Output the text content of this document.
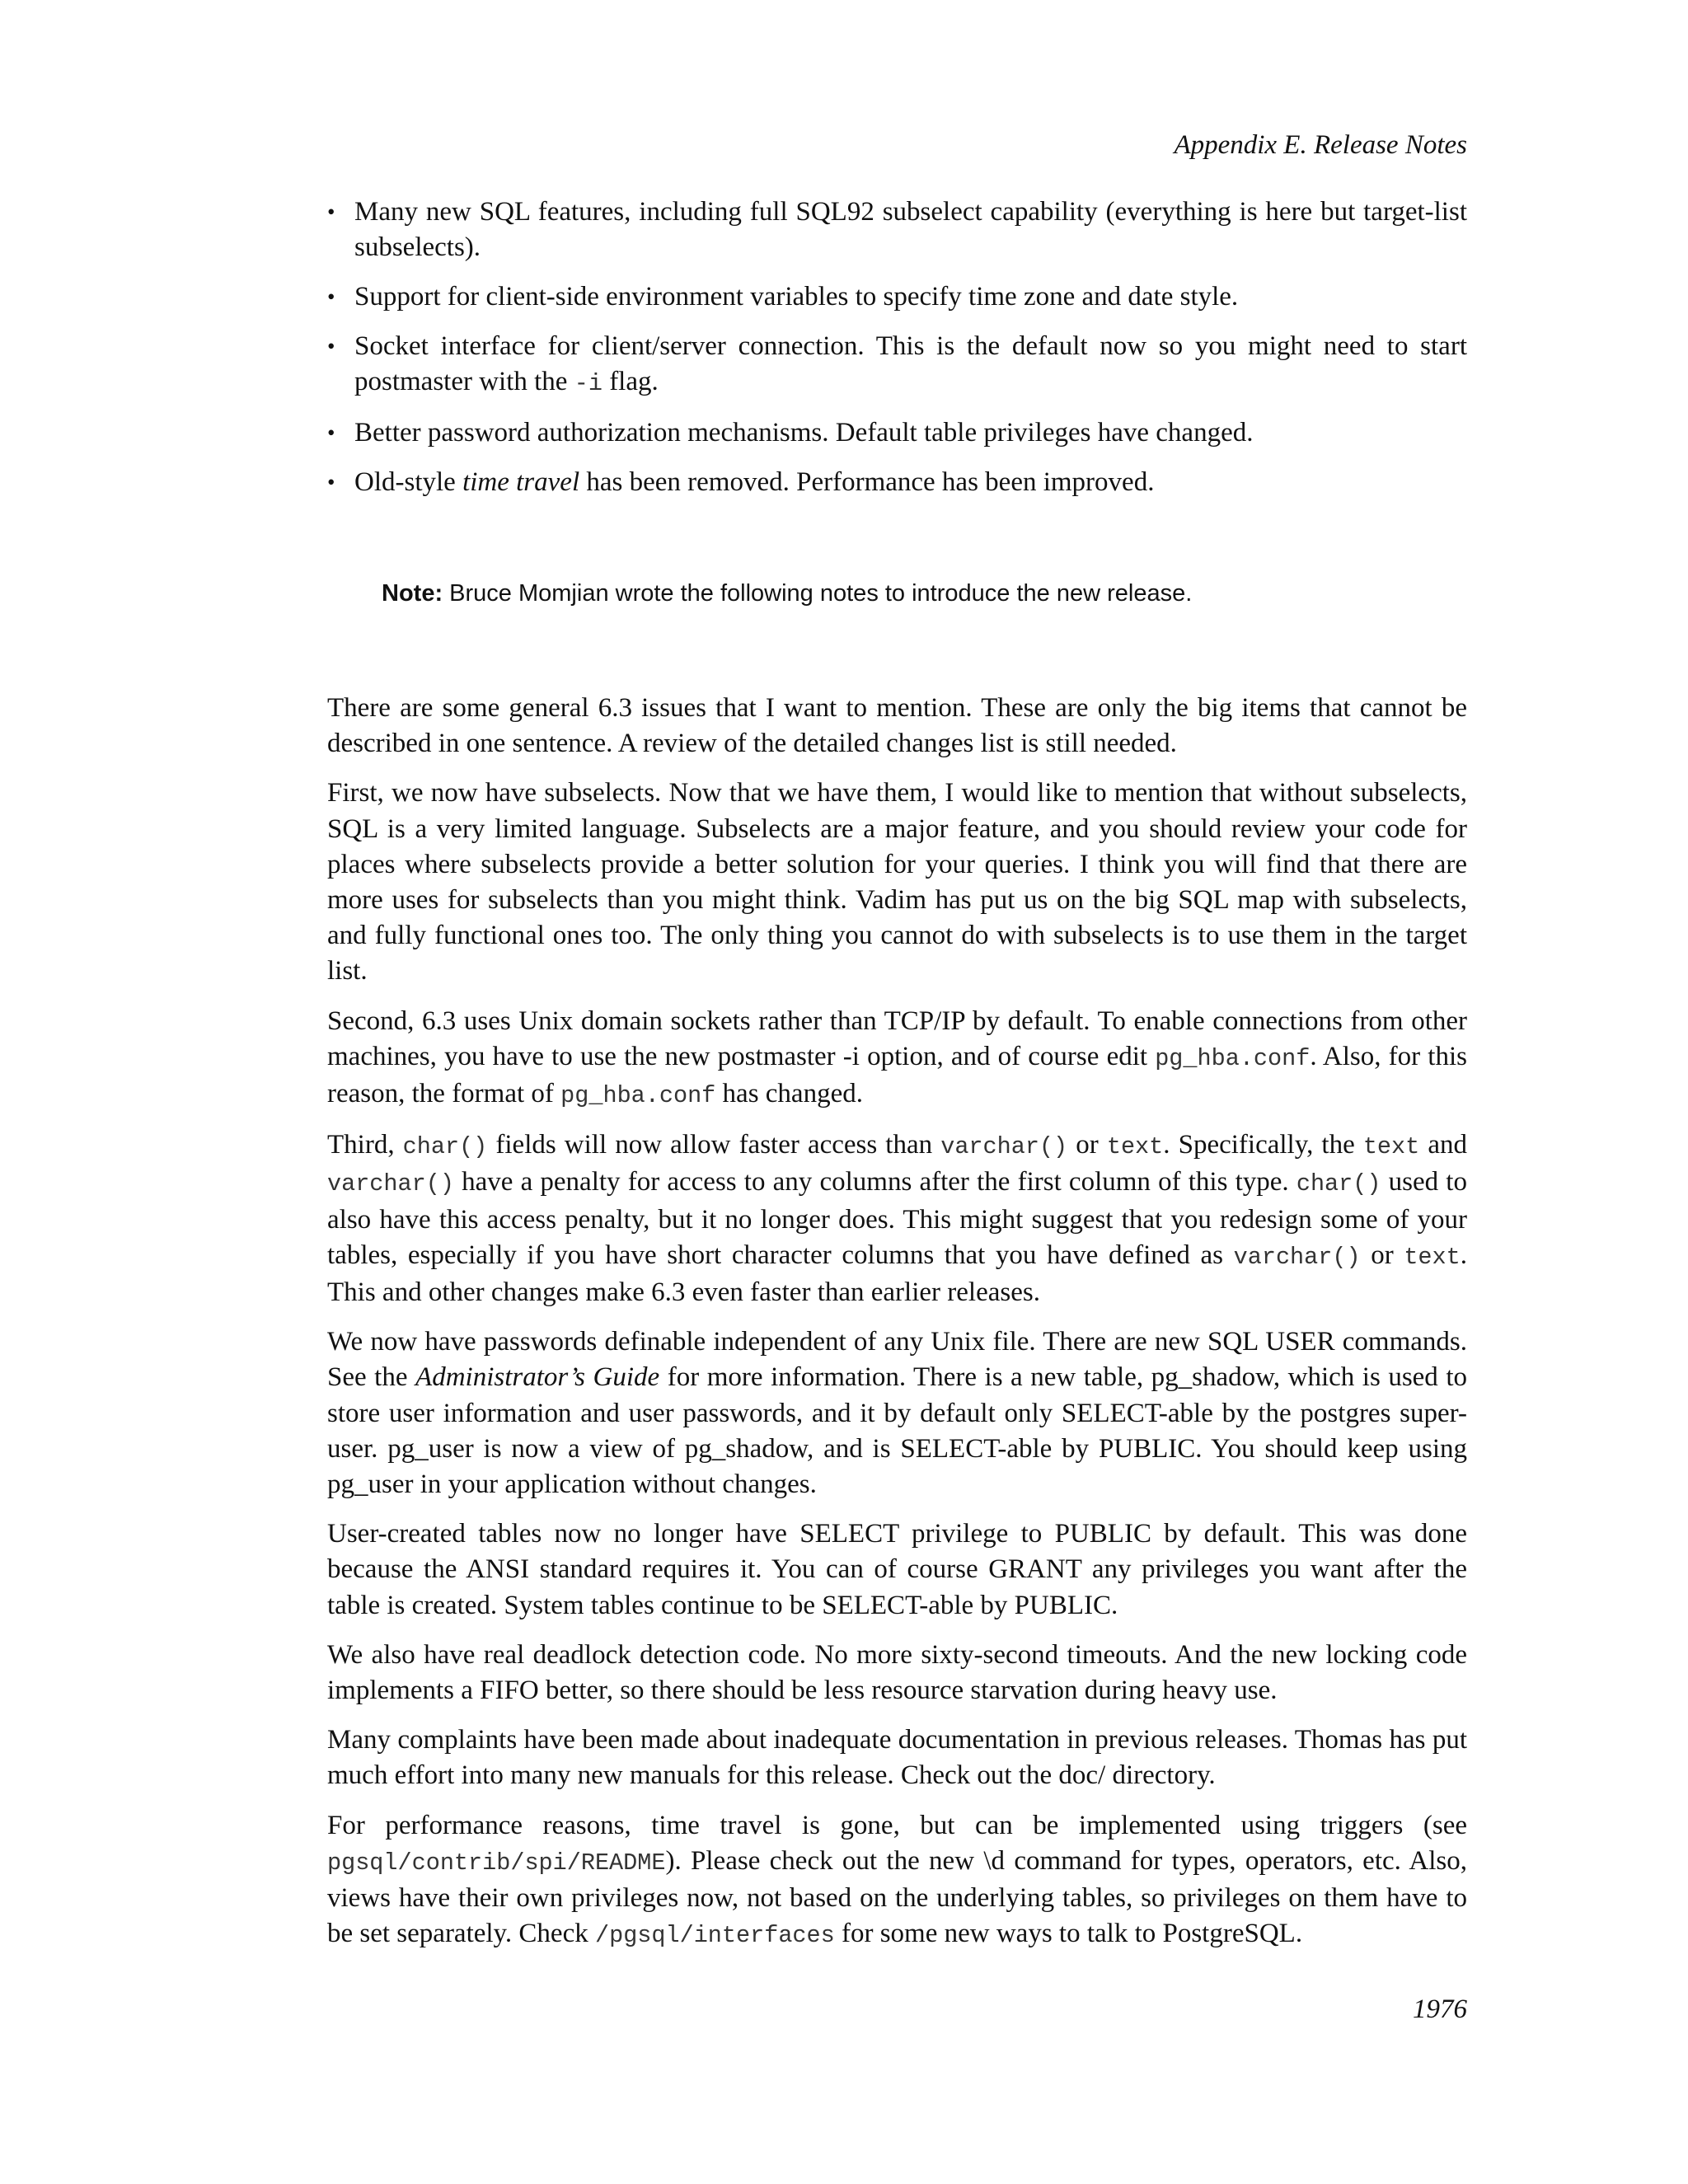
Appendix E. Release Notes
• Many new SQL features, including full SQL92 subselect capability (everything is here but target-list subselects).
• Support for client-side environment variables to specify time zone and date style.
• Socket interface for client/server connection. This is the default now so you might need to start postmaster with the -i flag.
• Better password authorization mechanisms. Default table privileges have changed.
• Old-style time travel has been removed. Performance has been improved.
Note: Bruce Momjian wrote the following notes to introduce the new release.

There are some general 6.3 issues that I want to mention. These are only the big items that cannot be described in one sentence. A review of the detailed changes list is still needed.

First, we now have subselects. Now that we have them, I would like to mention that without subselects, SQL is a very limited language. Subselects are a major feature, and you should review your code for places where subselects provide a better solution for your queries. I think you will find that there are more uses for subselects than you might think. Vadim has put us on the big SQL map with subselects, and fully functional ones too. The only thing you cannot do with subselects is to use them in the target list.

Second, 6.3 uses Unix domain sockets rather than TCP/IP by default. To enable connections from other machines, you have to use the new postmaster -i option, and of course edit pg_hba.conf. Also, for this reason, the format of pg_hba.conf has changed.

Third, char() fields will now allow faster access than varchar() or text. Specifically, the text and varchar() have a penalty for access to any columns after the first column of this type. char() used to also have this access penalty, but it no longer does. This might suggest that you redesign some of your tables, especially if you have short character columns that you have defined as varchar() or text. This and other changes make 6.3 even faster than earlier releases.

We now have passwords definable independent of any Unix file. There are new SQL USER commands. See the Administrator’s Guide for more information. There is a new table, pg_shadow, which is used to store user information and user passwords, and it by default only SELECT-able by the postgres super-user. pg_user is now a view of pg_shadow, and is SELECT-able by PUBLIC. You should keep using pg_user in your application without changes.

User-created tables now no longer have SELECT privilege to PUBLIC by default. This was done because the ANSI standard requires it. You can of course GRANT any privileges you want after the table is created. System tables continue to be SELECT-able by PUBLIC.

We also have real deadlock detection code. No more sixty-second timeouts. And the new locking code implements a FIFO better, so there should be less resource starvation during heavy use.

Many complaints have been made about inadequate documentation in previous releases. Thomas has put much effort into many new manuals for this release. Check out the doc/ directory.

For performance reasons, time travel is gone, but can be implemented using triggers (see pgsql/contrib/spi/README). Please check out the new \d command for types, operators, etc. Also, views have their own privileges now, not based on the underlying tables, so privileges on them have to be set separately. Check /pgsql/interfaces for some new ways to talk to PostgreSQL.

1976
